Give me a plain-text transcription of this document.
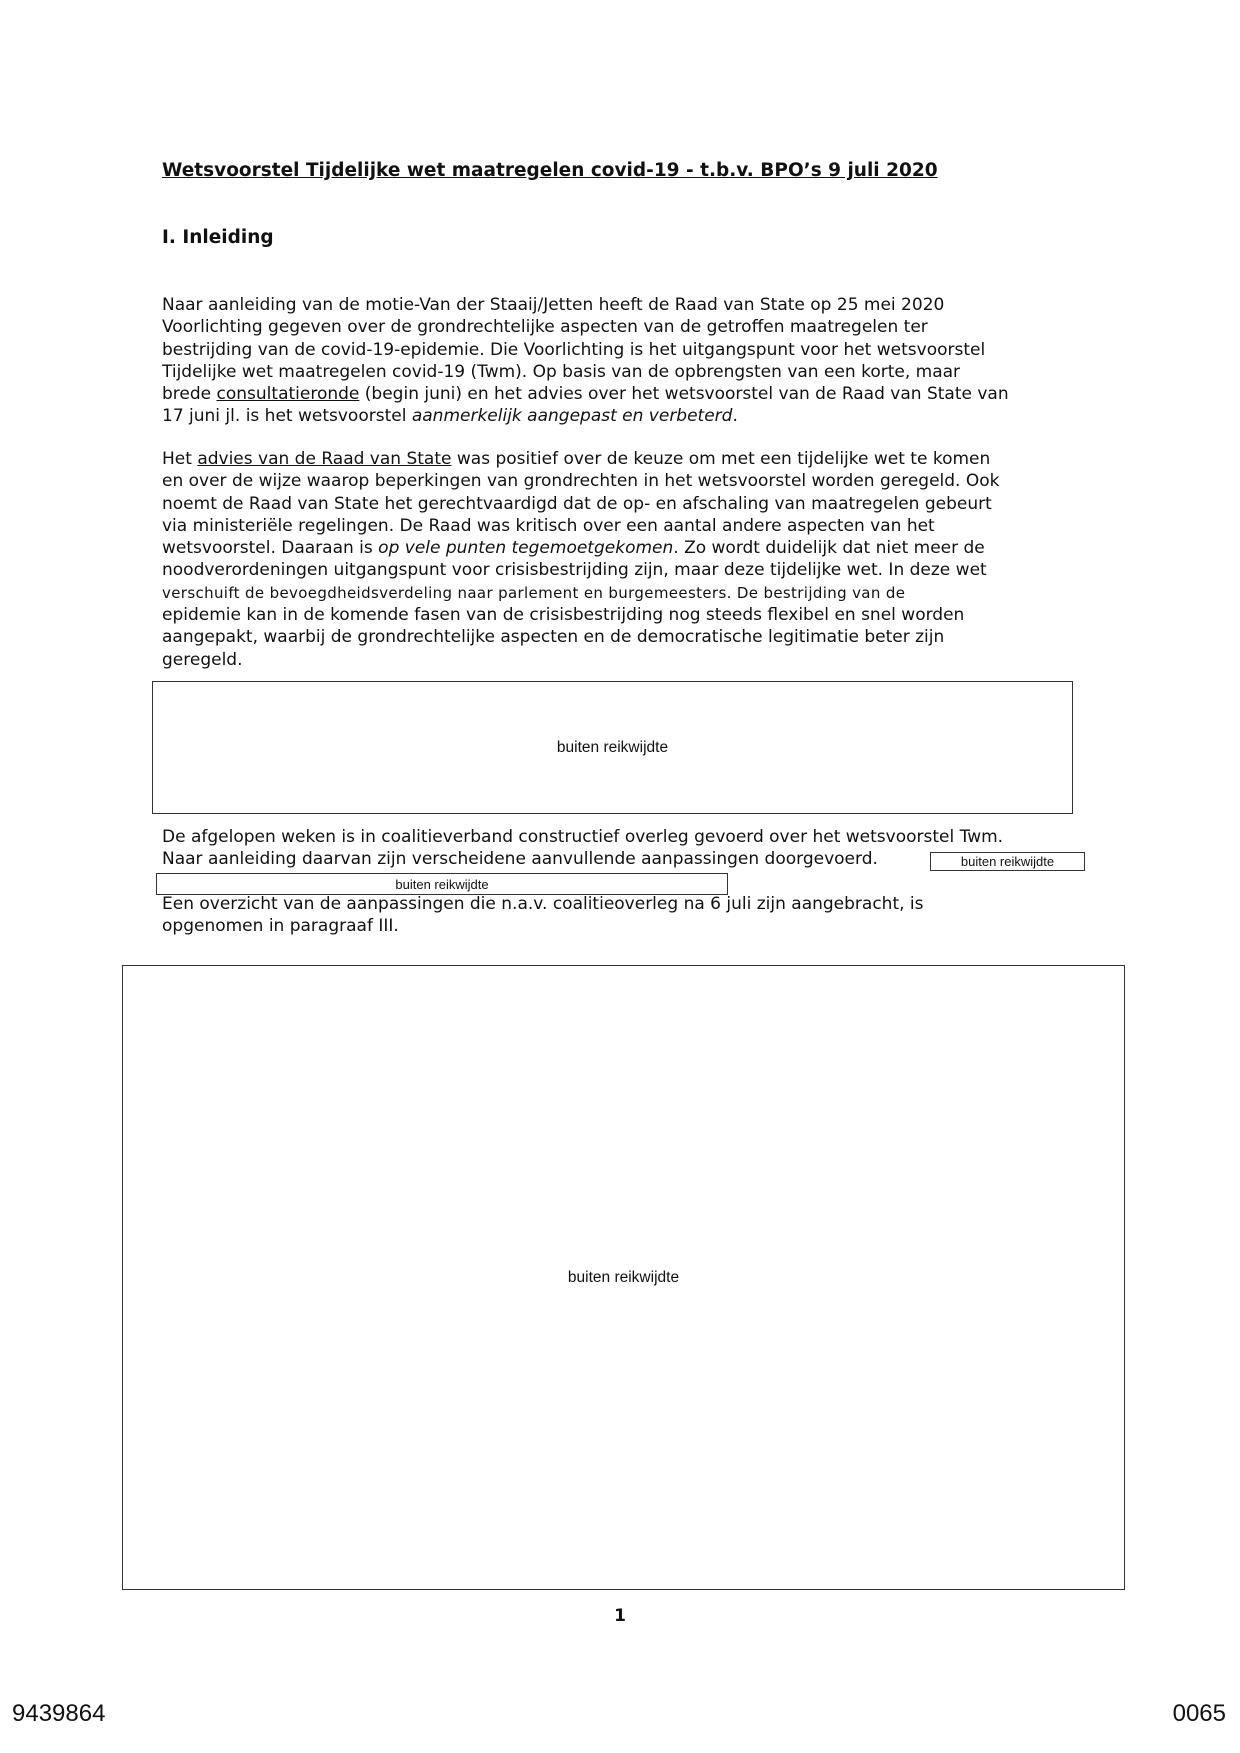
Wetsvoorstel Tijdelijke wet maatregelen covid-19 - t.b.v. BPO’s 9 juli 2020
I. Inleiding
Naar aanleiding van de motie-Van der Staaij/Jetten heeft de Raad van State op 25 mei 2020
Voorlichting gegeven over de grondrechtelijke aspecten van de getroffen maatregelen ter
bestrijding van de covid-19-epidemie. Die Voorlichting is het uitgangspunt voor het wetsvoorstel
Tijdelijke wet maatregelen covid-19 (Twm). Op basis van de opbrengsten van een korte, maar
brede consultatieronde (begin juni) en het advies over het wetsvoorstel van de Raad van State van
17 juni jl. is het wetsvoorstel aanmerkelijk aangepast en verbeterd.
Het advies van de Raad van State was positief over de keuze om met een tijdelijke wet te komen
en over de wijze waarop beperkingen van grondrechten in het wetsvoorstel worden geregeld. Ook
noemt de Raad van State het gerechtvaardigd dat de op- en afschaling van maatregelen gebeurt
via ministeriële regelingen. De Raad was kritisch over een aantal andere aspecten van het
wetsvoorstel. Daaraan is op vele punten tegemoetgekomen. Zo wordt duidelijk dat niet meer de
noodverordeningen uitgangspunt voor crisisbestrijding zijn, maar deze tijdelijke wet. In deze wet
verschuift de bevoegdheidsverdeling naar parlement en burgemeesters. De bestrijding van de
epidemie kan in de komende fasen van de crisisbestrijding nog steeds flexibel en snel worden
aangepakt, waarbij de grondrechtelijke aspecten en de democratische legitimatie beter zijn
geregeld.
buiten reikwijdte
De afgelopen weken is in coalitieverband constructief overleg gevoerd over het wetsvoorstel Twm.
Naar aanleiding daarvan zijn verscheidene aanvullende aanpassingen doorgevoerd.	buiten reikwijdte
buiten reikwijdte
Een overzicht van de aanpassingen die n.a.v. coalitieoverleg na 6 juli zijn aangebracht, is
opgenomen in paragraaf III.
buiten reikwijdte
1
9439864	0065
